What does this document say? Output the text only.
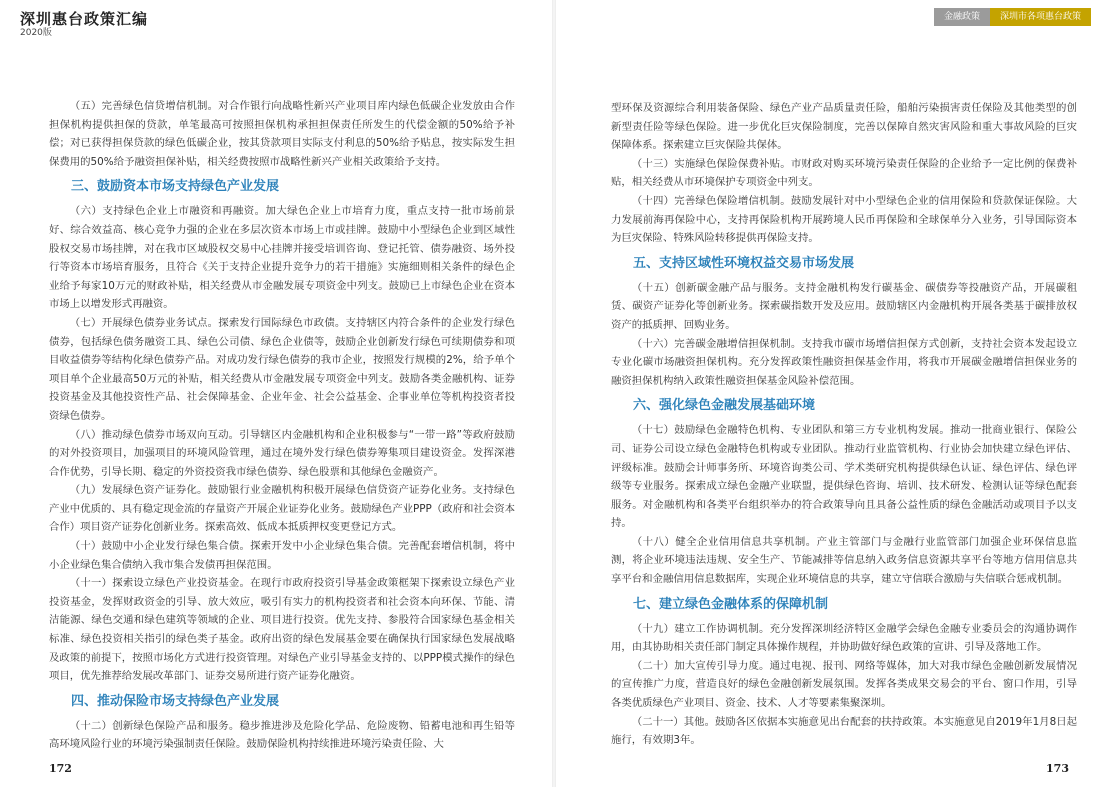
深圳惠台政策汇编
2020版
金融政策	深圳市各项惠台政策

（五）完善绿色信贷增信机制。对合作银行向战略性新兴产业项目库内绿色低碳企业发放由合作担保机构提供担保的贷款，单笔最高可按照担保机构承担担保责任所发生的代偿金额的50%给予补偿；对已获得担保贷款的绿色低碳企业，按其贷款项目实际支付利息的50%给予贴息，按实际发生担保费用的50%给予融资担保补贴，相关经费按照市战略性新兴产业相关政策给予支持。

三、鼓励资本市场支持绿色产业发展

（六）支持绿色企业上市融资和再融资。加大绿色企业上市培育力度，重点支持一批市场前景好、综合效益高、核心竞争力强的企业在多层次资本市场上市或挂牌。鼓励中小型绿色企业到区域性股权交易市场挂牌，对在我市区域股权交易中心挂牌并接受培训咨询、登记托管、债券融资、场外投行等资本市场培育服务，且符合《关于支持企业提升竞争力的若干措施》实施细则相关条件的绿色企业给予每家10万元的财政补贴，相关经费从市金融发展专项资金中列支。鼓励已上市绿色企业在资本市场上以增发形式再融资。

（七）开展绿色债券业务试点。探索发行国际绿色市政债。支持辖区内符合条件的企业发行绿色债券，包括绿色债务融资工具、绿色公司债、绿色企业债等，鼓励企业创新发行绿色可续期债券和项目收益债券等结构化绿色债券产品。对成功发行绿色债券的我市企业，按照发行规模的2%，给予单个项目单个企业最高50万元的补贴，相关经费从市金融发展专项资金中列支。鼓励各类金融机构、证券投资基金及其他投资性产品、社会保障基金、企业年金、社会公益基金、企事业单位等机构投资者投资绿色债券。

（八）推动绿色债券市场双向互动。引导辖区内金融机构和企业积极参与“一带一路”等政府鼓励的对外投资项目，加强项目的环境风险管理，通过在境外发行绿色债券筹集项目建设资金。发挥深港合作优势，引导长期、稳定的外资投资我市绿色债券、绿色股票和其他绿色金融资产。

（九）发展绿色资产证券化。鼓励银行业金融机构积极开展绿色信贷资产证券化业务。支持绿色产业中优质的、具有稳定现金流的存量资产开展企业证券化业务。鼓励绿色产业PPP（政府和社会资本合作）项目资产证券化创新业务。探索高效、低成本抵质押权变更登记方式。

（十）鼓励中小企业发行绿色集合债。探索开发中小企业绿色集合债。完善配套增信机制，将中小企业绿色集合债纳入我市集合发债再担保范围。

（十一）探索设立绿色产业投资基金。在现行市政府投资引导基金政策框架下探索设立绿色产业投资基金，发挥财政资金的引导、放大效应，吸引有实力的机构投资者和社会资本向环保、节能、清洁能源、绿色交通和绿色建筑等领域的企业、项目进行投资。优先支持、参股符合国家绿色基金相关标准、绿色投资相关指引的绿色类子基金。政府出资的绿色发展基金要在确保执行国家绿色发展战略及政策的前提下，按照市场化方式进行投资管理。对绿色产业引导基金支持的、以PPP模式操作的绿色项目，优先推荐给发展改革部门、证券交易所进行资产证券化融资。

四、推动保险市场支持绿色产业发展

（十二）创新绿色保险产品和服务。稳步推进涉及危险化学品、危险废物、铅蓄电池和再生铅等高环境风险行业的环境污染强制责任保险。鼓励保险机构持续推进环境污染责任险、大

型环保及资源综合利用装备保险、绿色产业产品质量责任险，船舶污染损害责任保险及其他类型的创新型责任险等绿色保险。进一步优化巨灾保险制度，完善以保障自然灾害风险和重大事故风险的巨灾保障体系。探索建立巨灾保险共保体。

（十三）实施绿色保险保费补贴。市财政对购买环境污染责任保险的企业给予一定比例的保费补贴，相关经费从市环境保护专项资金中列支。

（十四）完善绿色保险增信机制。鼓励发展针对中小型绿色企业的信用保险和贷款保证保险。大力发展前海再保险中心，支持再保险机构开展跨境人民币再保险和全球保单分入业务，引导国际资本为巨灾保险、特殊风险转移提供再保险支持。

五、支持区域性环境权益交易市场发展

（十五）创新碳金融产品与服务。支持金融机构发行碳基金、碳债券等投融资产品，开展碳租赁、碳资产证券化等创新业务。探索碳指数开发及应用。鼓励辖区内金融机构开展各类基于碳排放权资产的抵质押、回购业务。

（十六）完善碳金融增信担保机制。支持我市碳市场增信担保方式创新，支持社会资本发起设立专业化碳市场融资担保机构。充分发挥政策性融资担保基金作用，将我市开展碳金融增信担保业务的融资担保机构纳入政策性融资担保基金风险补偿范围。

六、强化绿色金融发展基础环境

（十七）鼓励绿色金融特色机构、专业团队和第三方专业机构发展。推动一批商业银行、保险公司、证券公司设立绿色金融特色机构或专业团队。推动行业监管机构、行业协会加快建立绿色评估、评级标准。鼓励会计师事务所、环境咨询类公司、学术类研究机构提供绿色认证、绿色评估、绿色评级等专业服务。探索成立绿色金融产业联盟，提供绿色咨询、培训、技术研发、检测认证等绿色配套服务。对金融机构和各类平台组织举办的符合政策导向且具备公益性质的绿色金融活动或项目予以支持。

（十八）健全企业信用信息共享机制。产业主管部门与金融行业监管部门加强企业环保信息监测，将企业环境违法违规、安全生产、节能减排等信息纳入政务信息资源共享平台等地方信用信息共享平台和金融信用信息数据库，实现企业环境信息的共享，建立守信联合激励与失信联合惩戒机制。

七、建立绿色金融体系的保障机制

（十九）建立工作协调机制。充分发挥深圳经济特区金融学会绿色金融专业委员会的沟通协调作用，由其协助相关责任部门制定具体操作规程，并协助做好绿色政策的宣讲、引导及落地工作。

（二十）加大宣传引导力度。通过电视、报刊、网络等媒体，加大对我市绿色金融创新发展情况的宣传推广力度，营造良好的绿色金融创新发展氛围。发挥各类成果交易会的平台、窗口作用，引导各类优质绿色产业项目、资金、技术、人才等要素集聚深圳。

（二十一）其他。鼓励各区依据本实施意见出台配套的扶持政策。本实施意见自2019年1月8日起施行，有效期3年。

172	173
